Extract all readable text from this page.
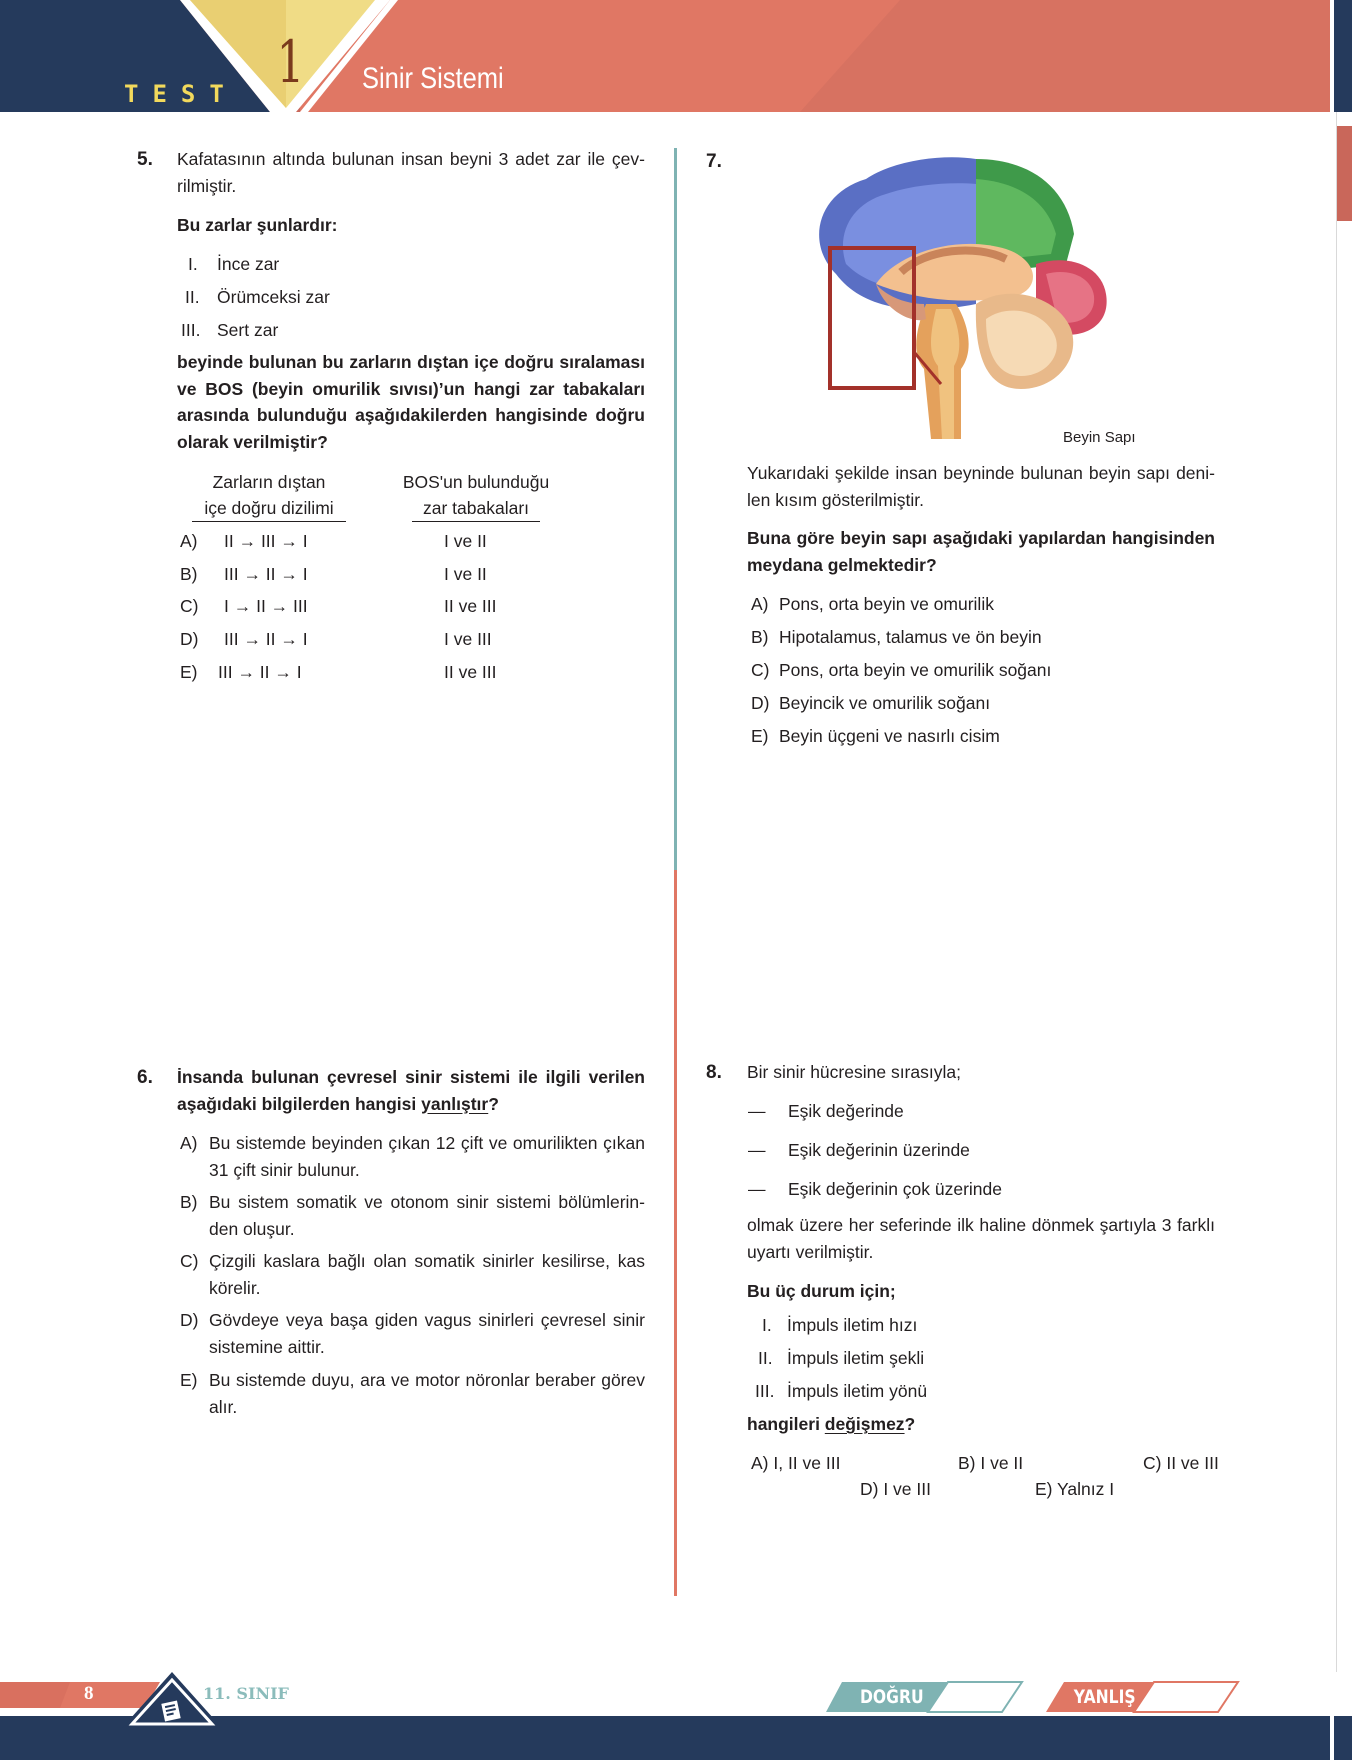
TEST 1 Sinir Sistemi
5. Kafatasının altında bulunan insan beyni 3 adet zar ile çev-
rilmiştir.
Bu zarlar şunlardır:
I. İnce zar
II. Örümceksi zar
III. Sert zar
beyinde bulunan bu zarların dıştan içe doğru sıralaması
ve BOS (beyin omurilik sıvısı)’un hangi zar tabakaları
arasında bulunduğu aşağıdakilerden hangisinde doğru
olarak verilmiştir?
Zarların dıştan
içe doğru dizilimi
BOS'un bulunduğu
zar tabakaları
A) II → III → I	I ve II
B) III → II → I	I ve II
C) I → II → III	II ve III
D) III → II → I	I ve III
E) III → II → I	II ve III
6. İnsanda bulunan çevresel sinir sistemi ile ilgili verilen
aşağıdaki bilgilerden hangisi yanlıştır?
A) Bu sistemde beyinden çıkan 12 çift ve omurilikten çıkan
31 çift sinir bulunur.
B) Bu sistem somatik ve otonom sinir sistemi bölümlerin-
den oluşur.
C) Çizgili kaslara bağlı olan somatik sinirler kesilirse, kas
körelir.
D) Gövdeye veya başa giden vagus sinirleri çevresel sinir
sistemine aittir.
E) Bu sistemde duyu, ara ve motor nöronlar beraber görev
alır.
7.
Beyin Sapı
Yukarıdaki şekilde insan beyninde bulunan beyin sapı deni-
len kısım gösterilmiştir.
Buna göre beyin sapı aşağıdaki yapılardan hangisinden
meydana gelmektedir?
A) Pons, orta beyin ve omurilik
B) Hipotalamus, talamus ve ön beyin
C) Pons, orta beyin ve omurilik soğanı
D) Beyincik ve omurilik soğanı
E) Beyin üçgeni ve nasırlı cisim
8. Bir sinir hücresine sırasıyla;
— Eşik değerinde
— Eşik değerinin üzerinde
— Eşik değerinin çok üzerinde
olmak üzere her seferinde ilk haline dönmek şartıyla 3 farklı
uyartı verilmiştir.
Bu üç durum için;
I. İmpuls iletim hızı
II. İmpuls iletim şekli
III. İmpuls iletim yönü
hangileri değişmez?
A) I, II ve III	B) I ve II	C) II ve III
D) I ve III	E) Yalnız I
8	11. SINIF	DOĞRU	YANLIŞ
